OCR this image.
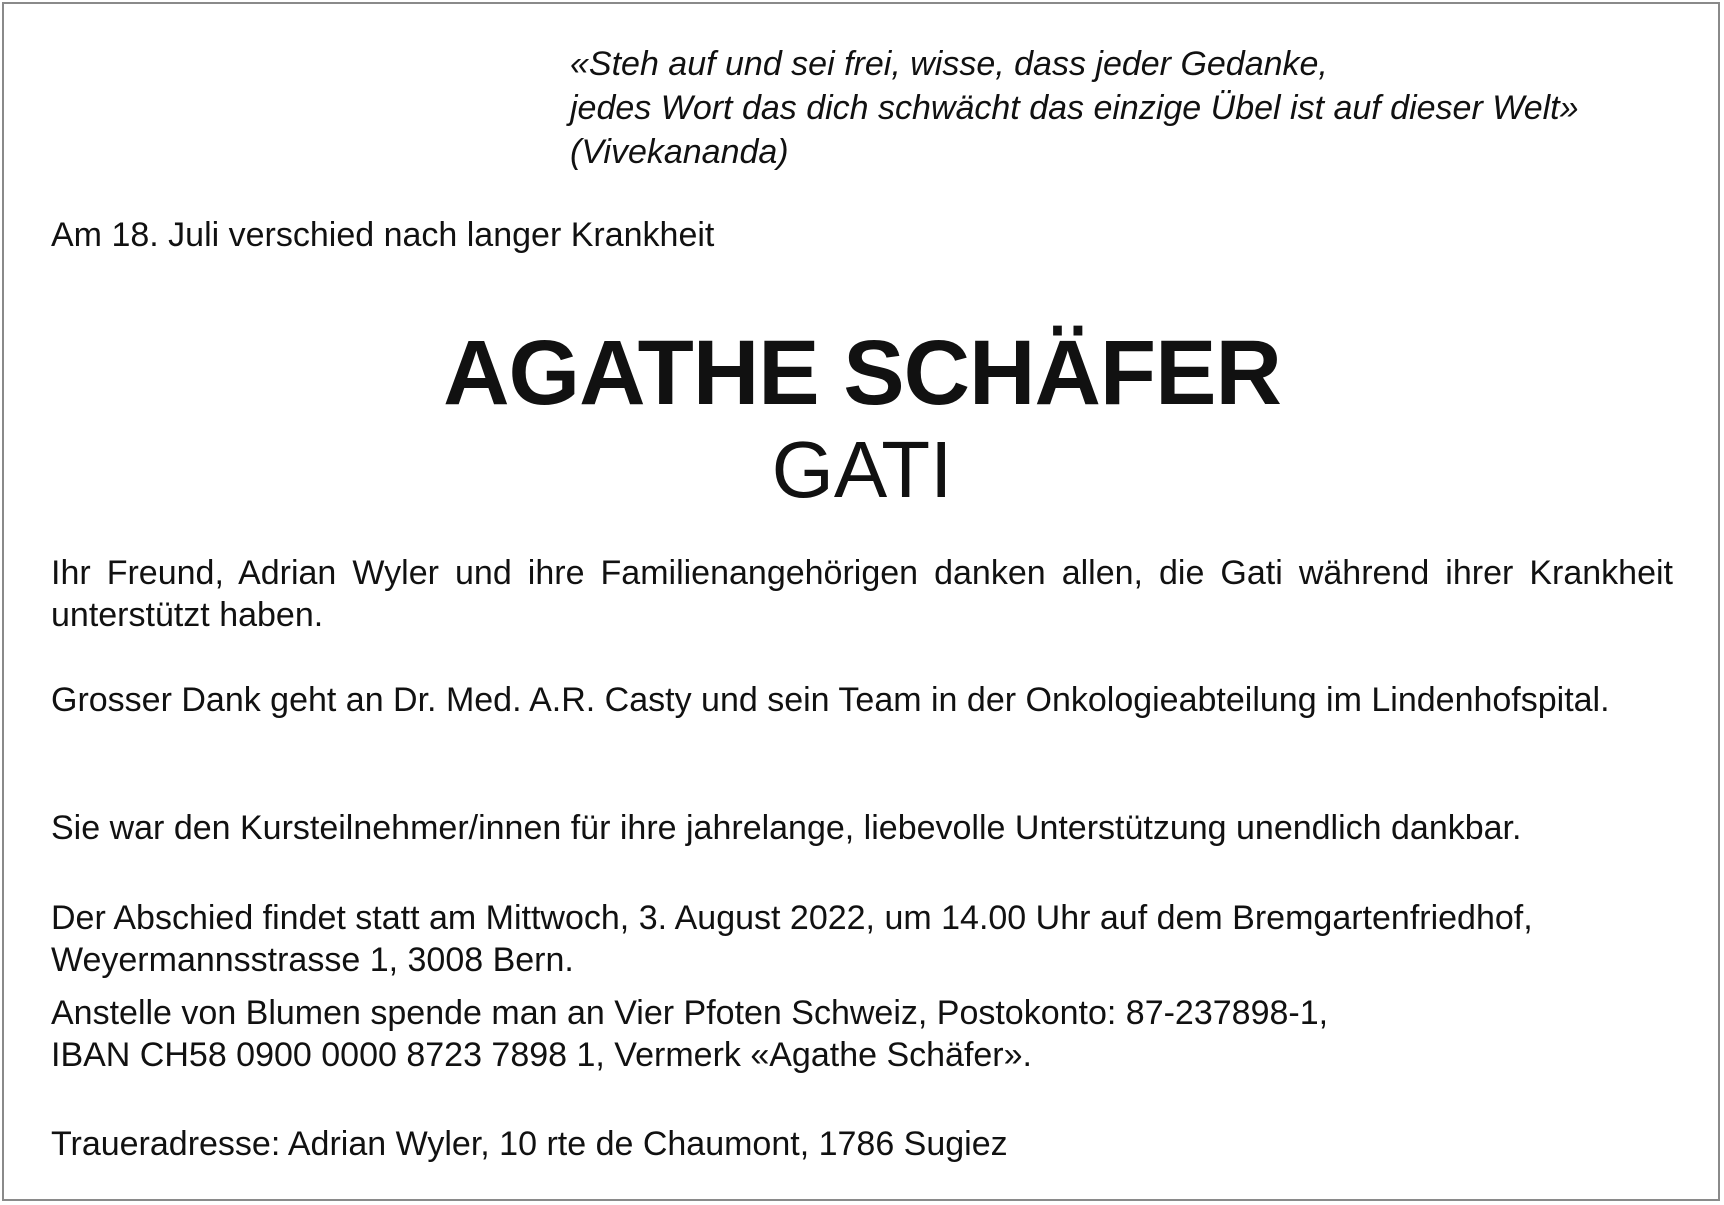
«Steh auf und sei frei, wisse, dass jeder Gedanke,
jedes Wort das dich schwächt das einzige Übel ist auf dieser Welt»
(Vivekananda)
Am 18. Juli verschied nach langer Krankheit
AGATHE SCHÄFER
GATI
Ihr Freund, Adrian Wyler und ihre Familienangehörigen danken allen, die Gati während ihrer Krankheit unterstützt haben.
Grosser Dank geht an Dr. Med. A.R. Casty und sein Team in der Onkologieabteilung im Lindenhofspital.
Sie war den Kursteilnehmer/innen für ihre jahrelange, liebevolle Unterstützung unendlich dankbar.
Der Abschied findet statt am Mittwoch, 3. August 2022, um 14.00 Uhr auf dem Bremgartenfriedhof,
Weyermannsstrasse 1, 3008 Bern.
Anstelle von Blumen spende man an Vier Pfoten Schweiz, Postokonto: 87-237898-1,
IBAN CH58 0900 0000 8723 7898 1, Vermerk «Agathe Schäfer».
Traueradresse: Adrian Wyler, 10 rte de Chaumont, 1786 Sugiez
